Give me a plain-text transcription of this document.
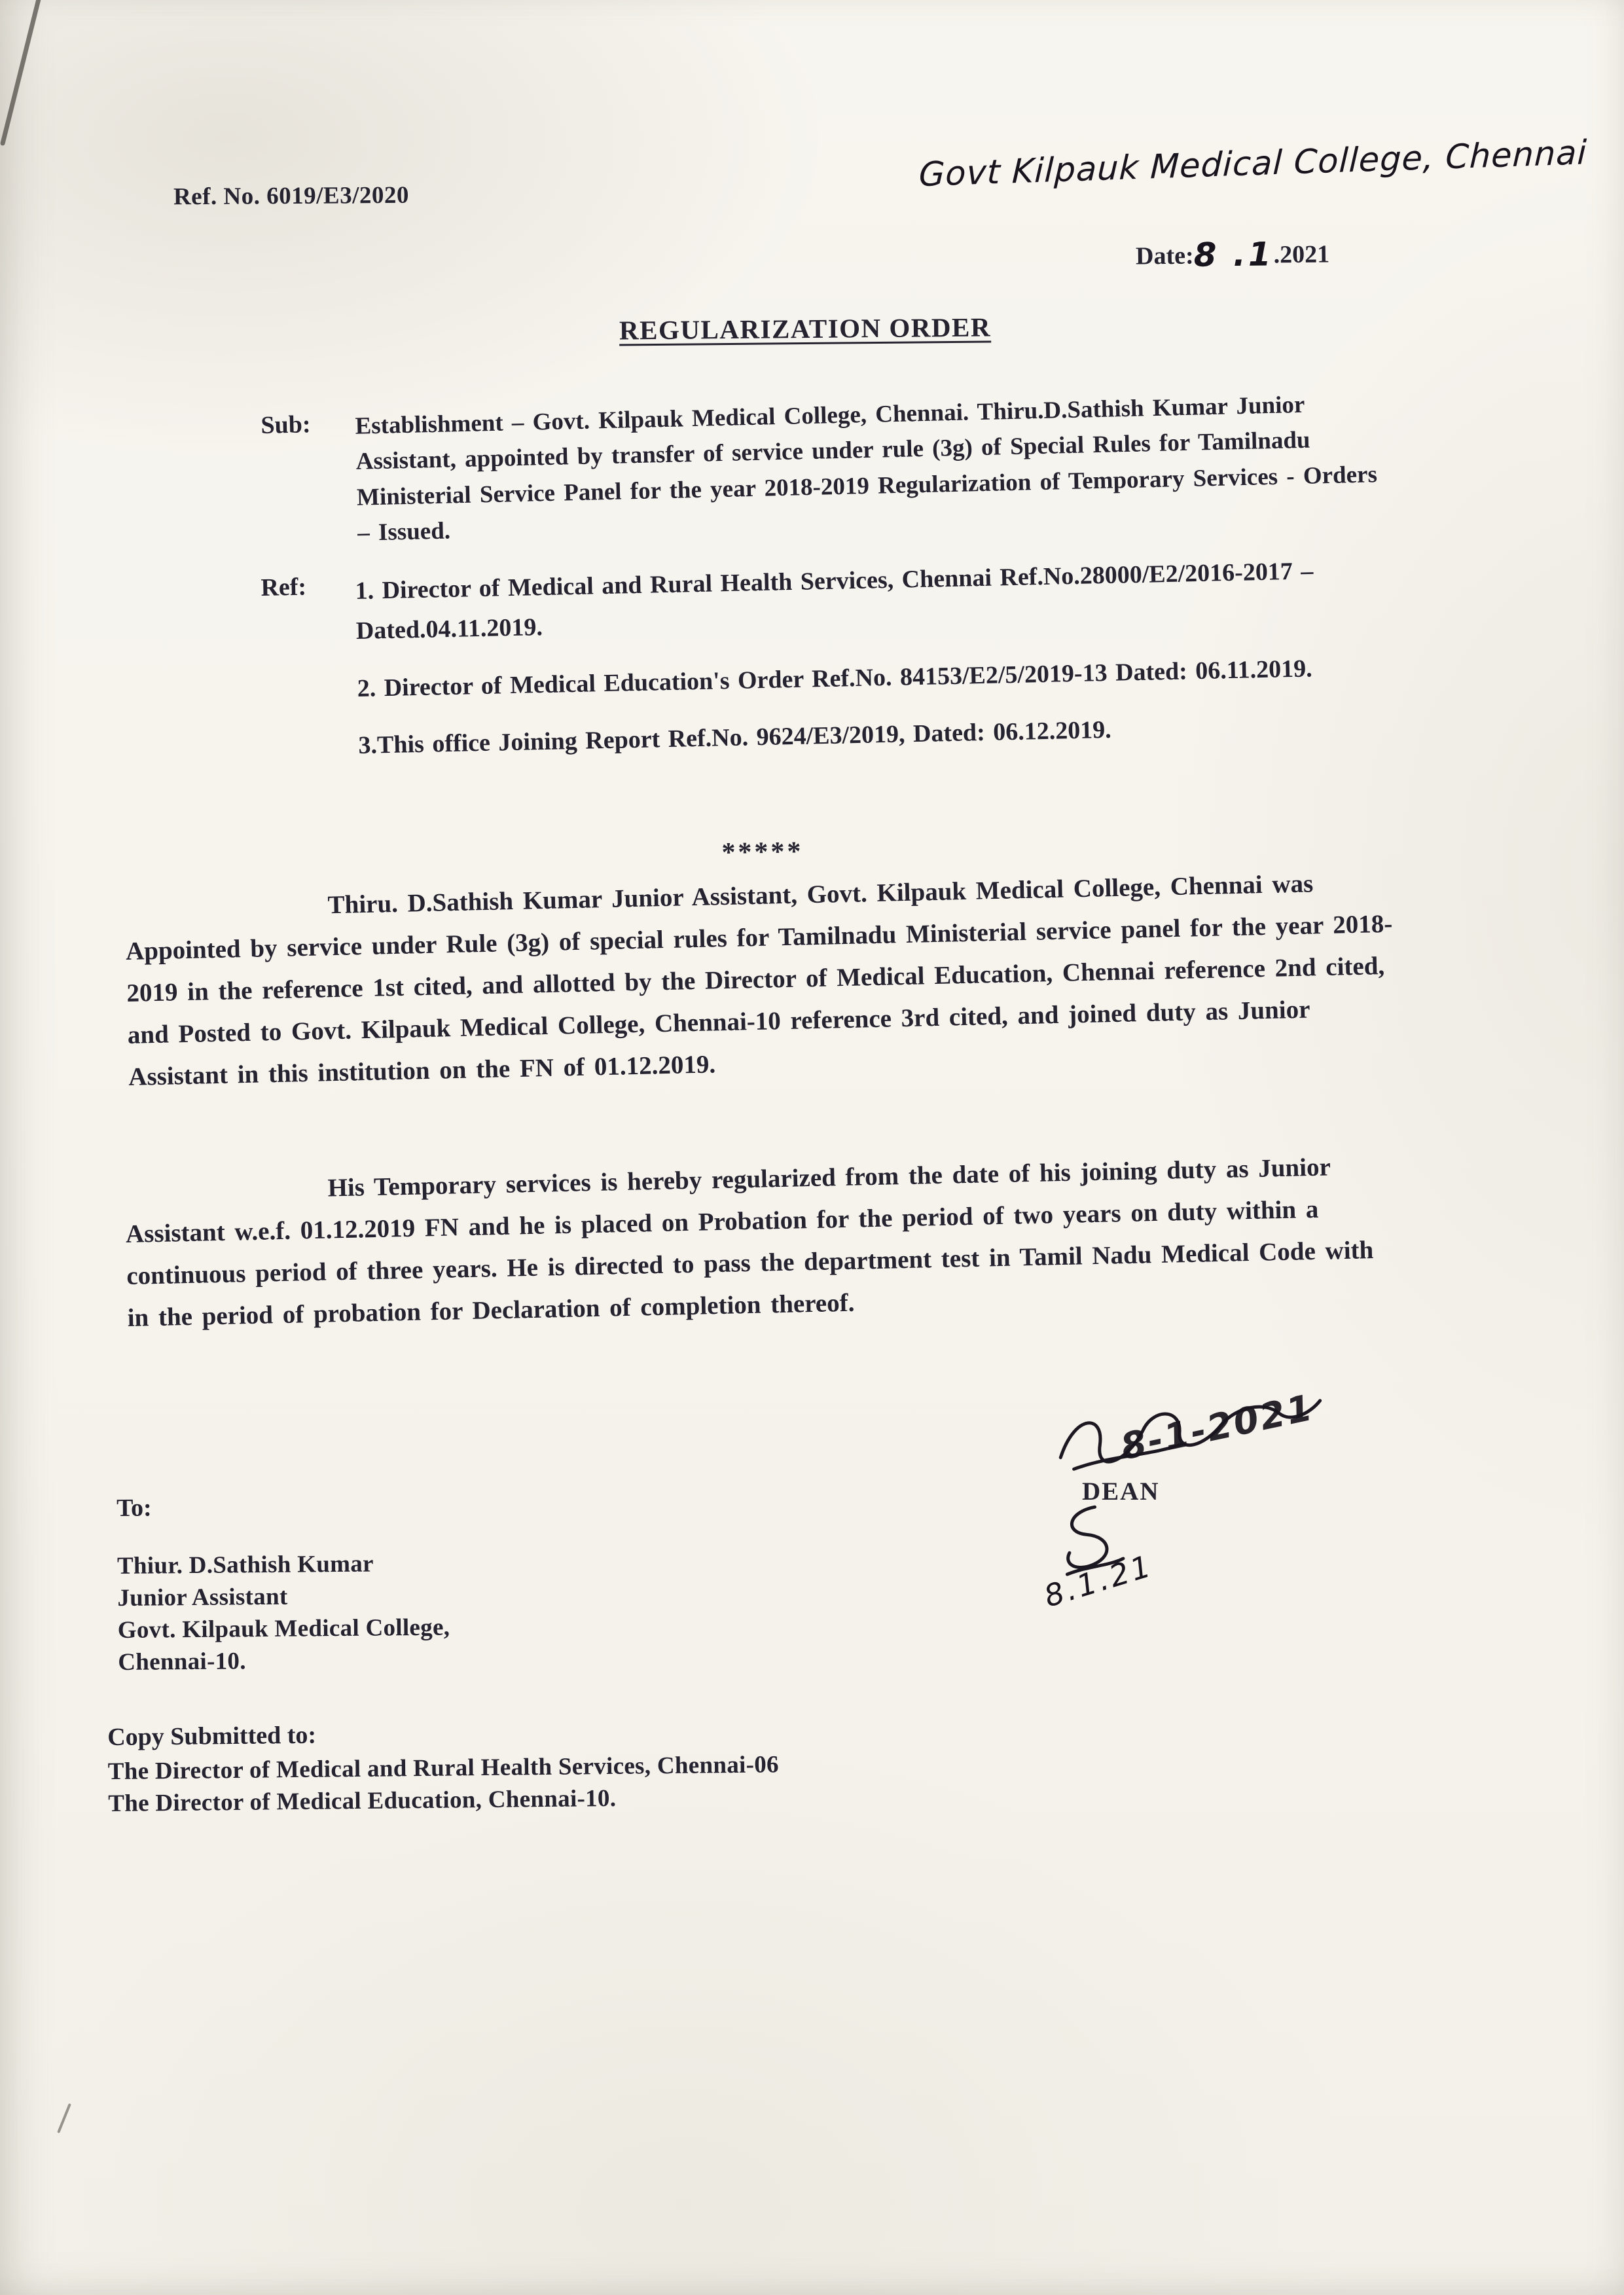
Ref. No. 6019/E3/2020
Govt Kilpauk Medical College, Chennai
Date:8 .1.2021
REGULARIZATION ORDER
Sub:	Establishment – Govt. Kilpauk Medical College, Chennai. Thiru.D.Sathish Kumar Junior Assistant, appointed by transfer of service under rule (3g) of Special Rules for Tamilnadu Ministerial Service Panel for the year 2018-2019 Regularization of Temporary Services - Orders – Issued.
Ref:	1. Director of Medical and Rural Health Services, Chennai Ref.No.28000/E2/2016-2017 – Dated.04.11.2019.
2. Director of Medical Education's Order Ref.No. 84153/E2/5/2019-13 Dated: 06.11.2019.
3.This office Joining Report Ref.No. 9624/E3/2019, Dated: 06.12.2019.
*****

Thiru. D.Sathish Kumar Junior Assistant, Govt. Kilpauk Medical College, Chennai was Appointed by service under Rule (3g) of special rules for Tamilnadu Ministerial service panel for the year 2018-2019 in the reference 1st cited, and allotted by the Director of Medical Education, Chennai reference 2nd cited, and Posted to Govt. Kilpauk Medical College, Chennai-10 reference 3rd cited, and joined duty as Junior Assistant in this institution on the FN of 01.12.2019.

His Temporary services is hereby regularized from the date of his joining duty as Junior Assistant w.e.f. 01.12.2019 FN and he is placed on Probation for the period of two years on duty within a continuous period of three years. He is directed to pass the department test in Tamil Nadu Medical Code with in the period of probation for Declaration of completion thereof.

8-1-2021
DEAN
8.1.21
To:
Thiur. D.Sathish Kumar
Junior Assistant
Govt. Kilpauk Medical College,
Chennai-10.
Copy Submitted to:
The Director of Medical and Rural Health Services, Chennai-06
The Director of Medical Education, Chennai-10.
